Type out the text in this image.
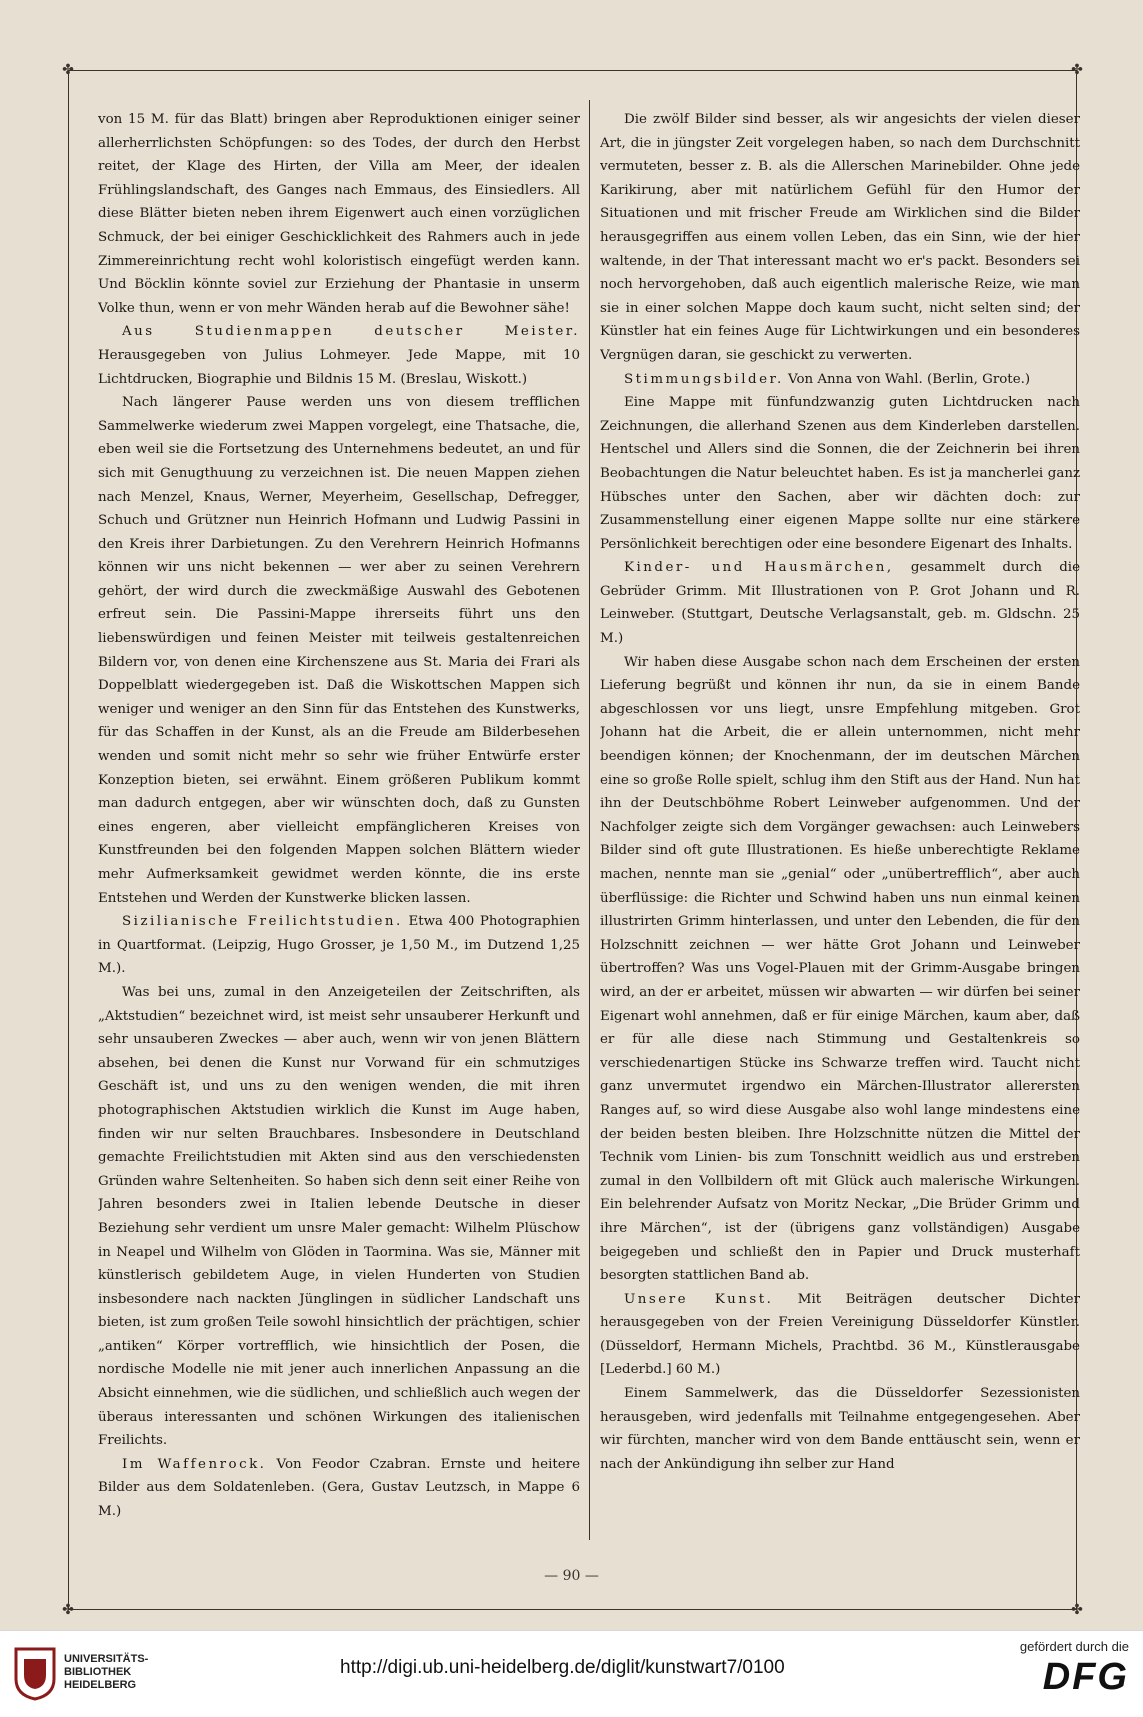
✤	✤
✤	✤

von 15 M. für das Blatt) bringen aber Reproduktionen einiger seiner allerherrlichsten Schöpfungen: so des Todes, der durch den Herbst reitet, der Klage des Hirten, der Villa am Meer, der idealen Frühlingslandschaft, des Ganges nach Emmaus, des Einsiedlers. All diese Blätter bieten neben ihrem Eigenwert auch einen vorzüglichen Schmuck, der bei einiger Geschicklichkeit des Rahmers auch in jede Zimmereinrichtung recht wohl koloristisch eingefügt werden kann. Und Böcklin könnte soviel zur Erziehung der Phantasie in unserm Volke thun, wenn er von mehr Wänden herab auf die Bewohner sähe!

Aus Studienmappen deutscher Meister. Herausgegeben von Julius Lohmeyer. Jede Mappe, mit 10 Lichtdrucken, Biographie und Bildnis 15 M. (Breslau, Wiskott.)

Nach längerer Pause werden uns von diesem trefflichen Sammelwerke wiederum zwei Mappen vorgelegt, eine Thatsache, die, eben weil sie die Fortsetzung des Unternehmens bedeutet, an und für sich mit Genugthuung zu verzeichnen ist. Die neuen Mappen ziehen nach Menzel, Knaus, Werner, Meyerheim, Gesellschap, Defregger, Schuch und Grützner nun Heinrich Hofmann und Ludwig Passini in den Kreis ihrer Darbietungen. Zu den Verehrern Heinrich Hofmanns können wir uns nicht bekennen — wer aber zu seinen Verehrern gehört, der wird durch die zweckmäßige Auswahl des Gebotenen erfreut sein. Die Passini-Mappe ihrerseits führt uns den liebenswürdigen und feinen Meister mit teilweis gestaltenreichen Bildern vor, von denen eine Kirchenszene aus St. Maria dei Frari als Doppelblatt wiedergegeben ist. Daß die Wiskottschen Mappen sich weniger und weniger an den Sinn für das Entstehen des Kunstwerks, für das Schaffen in der Kunst, als an die Freude am Bilderbesehen wenden und somit nicht mehr so sehr wie früher Entwürfe erster Konzeption bieten, sei erwähnt. Einem größeren Publikum kommt man dadurch entgegen, aber wir wünschten doch, daß zu Gunsten eines engeren, aber vielleicht empfänglicheren Kreises von Kunstfreunden bei den folgenden Mappen solchen Blättern wieder mehr Aufmerksamkeit gewidmet werden könnte, die ins erste Entstehen und Werden der Kunstwerke blicken lassen.

Sizilianische Freilichtstudien. Etwa 400 Photographien in Quartformat. (Leipzig, Hugo Grosser, je 1,50 M., im Dutzend 1,25 M.).

Was bei uns, zumal in den Anzeigeteilen der Zeitschriften, als „Aktstudien“ bezeichnet wird, ist meist sehr unsauberer Herkunft und sehr unsauberen Zweckes — aber auch, wenn wir von jenen Blättern absehen, bei denen die Kunst nur Vorwand für ein schmutziges Geschäft ist, und uns zu den wenigen wenden, die mit ihren photographischen Aktstudien wirklich die Kunst im Auge haben, finden wir nur selten Brauchbares. Insbesondere in Deutschland gemachte Freilichtstudien mit Akten sind aus den verschiedensten Gründen wahre Seltenheiten. So haben sich denn seit einer Reihe von Jahren besonders zwei in Italien lebende Deutsche in dieser Beziehung sehr verdient um unsre Maler gemacht: Wilhelm Plüschow in Neapel und Wilhelm von Glöden in Taormina. Was sie, Männer mit künstlerisch gebildetem Auge, in vielen Hunderten von Studien insbesondere nach nackten Jünglingen in südlicher Landschaft uns bieten, ist zum großen Teile sowohl hinsichtlich der prächtigen, schier „antiken“ Körper vortrefflich, wie hinsichtlich der Posen, die nordische Modelle nie mit jener auch innerlichen Anpassung an die Absicht einnehmen, wie die südlichen, und schließlich auch wegen der überaus interessanten und schönen Wirkungen des italienischen Freilichts.

Im Waffenrock. Von Feodor Czabran. Ernste und heitere Bilder aus dem Soldatenleben. (Gera, Gustav Leutzsch, in Mappe 6 M.)

Die zwölf Bilder sind besser, als wir angesichts der vielen dieser Art, die in jüngster Zeit vorgelegen haben, so nach dem Durchschnitt vermuteten, besser z. B. als die Allerschen Marinebilder. Ohne jede Karikirung, aber mit natürlichem Gefühl für den Humor der Situationen und mit frischer Freude am Wirklichen sind die Bilder herausgegriffen aus einem vollen Leben, das ein Sinn, wie der hier waltende, in der That interessant macht wo er's packt. Besonders sei noch hervorgehoben, daß auch eigentlich malerische Reize, wie man sie in einer solchen Mappe doch kaum sucht, nicht selten sind; der Künstler hat ein feines Auge für Lichtwirkungen und ein besonderes Vergnügen daran, sie geschickt zu verwerten.

Stimmungsbilder. Von Anna von Wahl. (Berlin, Grote.)

Eine Mappe mit fünfundzwanzig guten Lichtdrucken nach Zeichnungen, die allerhand Szenen aus dem Kinderleben darstellen. Hentschel und Allers sind die Sonnen, die der Zeichnerin bei ihren Beobachtungen die Natur beleuchtet haben. Es ist ja mancherlei ganz Hübsches unter den Sachen, aber wir dächten doch: zur Zusammenstellung einer eigenen Mappe sollte nur eine stärkere Persönlichkeit berechtigen oder eine besondere Eigenart des Inhalts.

Kinder- und Hausmärchen, gesammelt durch die Gebrüder Grimm. Mit Illustrationen von P. Grot Johann und R. Leinweber. (Stuttgart, Deutsche Verlagsanstalt, geb. m. Gldschn. 25 M.)

Wir haben diese Ausgabe schon nach dem Erscheinen der ersten Lieferung begrüßt und können ihr nun, da sie in einem Bande abgeschlossen vor uns liegt, unsre Empfehlung mitgeben. Grot Johann hat die Arbeit, die er allein unternommen, nicht mehr beendigen können; der Knochenmann, der im deutschen Märchen eine so große Rolle spielt, schlug ihm den Stift aus der Hand. Nun hat ihn der Deutschböhme Robert Leinweber aufgenommen. Und der Nachfolger zeigte sich dem Vorgänger gewachsen: auch Leinwebers Bilder sind oft gute Illustrationen. Es hieße unberechtigte Reklame machen, nennte man sie „genial“ oder „unübertrefflich“, aber auch überflüssige: die Richter und Schwind haben uns nun einmal keinen illustrirten Grimm hinterlassen, und unter den Lebenden, die für den Holzschnitt zeichnen — wer hätte Grot Johann und Leinweber übertroffen? Was uns Vogel-Plauen mit der Grimm-Ausgabe bringen wird, an der er arbeitet, müssen wir abwarten — wir dürfen bei seiner Eigenart wohl annehmen, daß er für einige Märchen, kaum aber, daß er für alle diese nach Stimmung und Gestaltenkreis so verschiedenartigen Stücke ins Schwarze treffen wird. Taucht nicht ganz unvermutet irgendwo ein Märchen-Illustrator allerersten Ranges auf, so wird diese Ausgabe also wohl lange mindestens eine der beiden besten bleiben. Ihre Holzschnitte nützen die Mittel der Technik vom Linien- bis zum Tonschnitt weidlich aus und erstreben zumal in den Vollbildern oft mit Glück auch malerische Wirkungen. Ein belehrender Aufsatz von Moritz Neckar, „Die Brüder Grimm und ihre Märchen“, ist der (übrigens ganz vollständigen) Ausgabe beigegeben und schließt den in Papier und Druck musterhaft besorgten stattlichen Band ab.

Unsere Kunst. Mit Beiträgen deutscher Dichter herausgegeben von der Freien Vereinigung Düsseldorfer Künstler. (Düsseldorf, Hermann Michels, Prachtbd. 36 M., Künstlerausgabe [Lederbd.] 60 M.)

Einem Sammelwerk, das die Düsseldorfer Sezessionisten herausgeben, wird jedenfalls mit Teilnahme entgegengesehen. Aber wir fürchten, mancher wird von dem Bande enttäuscht sein, wenn er nach der Ankündigung ihn selber zur Hand

— 90 —
UNIVERSITÄTS-
BIBLIOTHEK
HEIDELBERG
http://digi.ub.uni-heidelberg.de/diglit/kunstwart7/0100
gefördert durch die
DFG
